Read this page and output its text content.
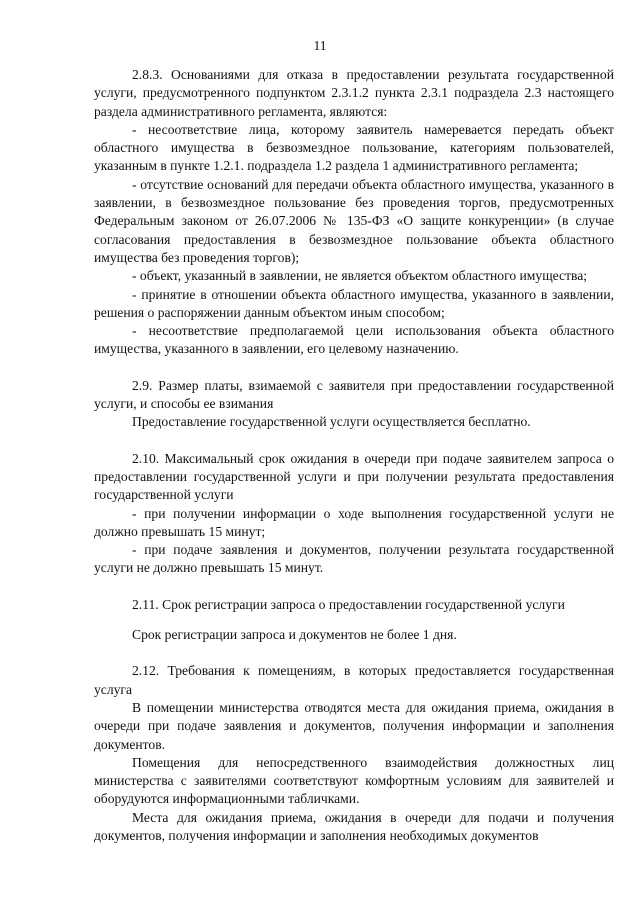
11

2.8.3. Основаниями для отказа в предоставлении результата государственной услуги, предусмотренного подпунктом 2.3.1.2 пункта 2.3.1 подраздела 2.3 настоящего раздела административного регламента, являются:

- несоответствие лица, которому заявитель намеревается передать объект областного имущества в безвозмездное пользование, категориям пользователей, указанным в пункте 1.2.1. подраздела 1.2 раздела 1 административного регламента;

- отсутствие оснований для передачи объекта областного имущества, указанного в заявлении, в безвозмездное пользование без проведения торгов, предусмотренных Федеральным законом от 26.07.2006 № 135-ФЗ «О защите конкуренции» (в случае согласования предоставления в безвозмездное пользование объекта областного имущества без проведения торгов);

- объект, указанный в заявлении, не является объектом областного имущества;

- принятие в отношении объекта областного имущества, указанного в заявлении, решения о распоряжении данным объектом иным способом;

- несоответствие предполагаемой цели использования объекта областного имущества, указанного в заявлении, его целевому назначению.

2.9. Размер платы, взимаемой с заявителя при предоставлении государственной услуги, и способы ее взимания

Предоставление государственной услуги осуществляется бесплатно.

2.10. Максимальный срок ожидания в очереди при подаче заявителем запроса о предоставлении государственной услуги и при получении результата предоставления государственной услуги

- при получении информации о ходе выполнения государственной услуги не должно превышать 15 минут;

- при подаче заявления и документов, получении результата государственной услуги не должно превышать 15 минут.

2.11. Срок регистрации запроса о предоставлении государственной услуги

Срок регистрации запроса и документов не более 1 дня.

2.12. Требования к помещениям, в которых предоставляется государственная услуга

В помещении министерства отводятся места для ожидания приема, ожидания в очереди при подаче заявления и документов, получения информации и заполнения документов.

Помещения для непосредственного взаимодействия должностных лиц министерства с заявителями соответствуют комфортным условиям для заявителей и оборудуются информационными табличками.

Места для ожидания приема, ожидания в очереди для подачи и получения документов, получения информации и заполнения необходимых документов
